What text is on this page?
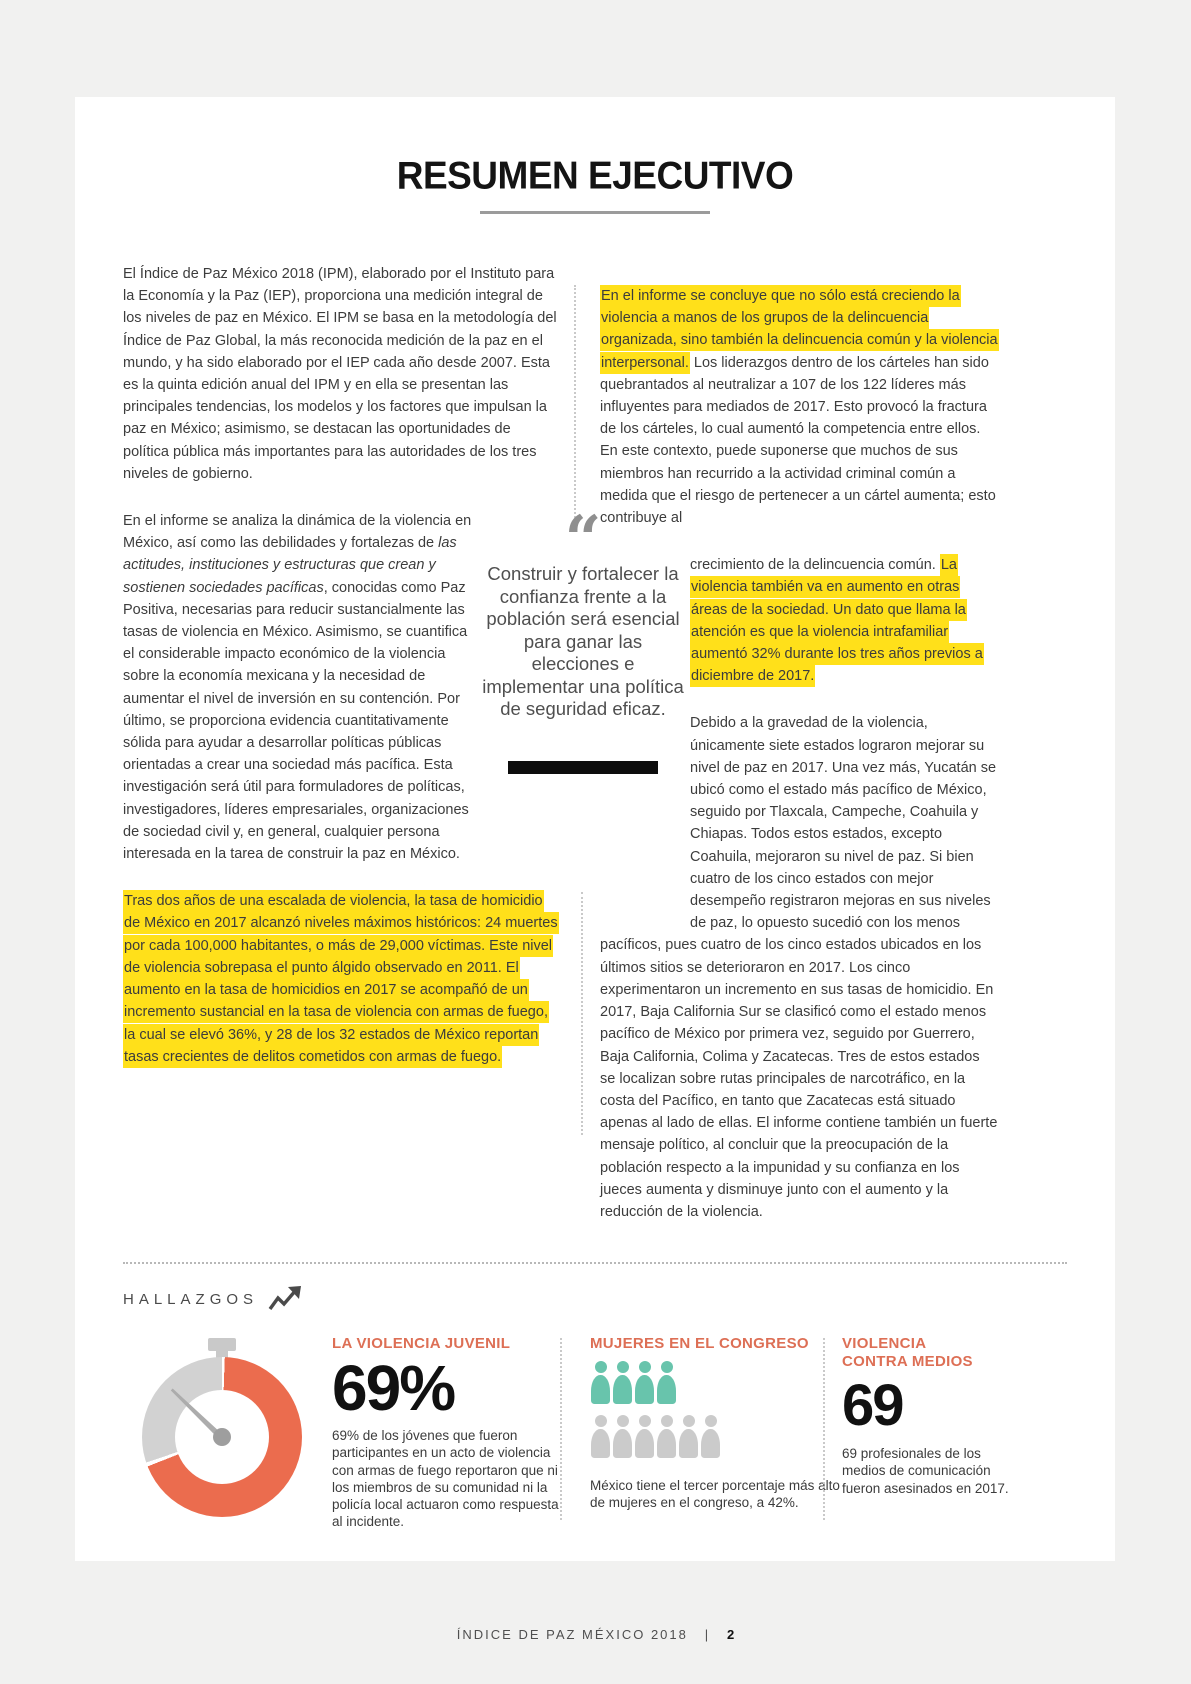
RESUMEN EJECUTIVO

El Índice de Paz México 2018 (IPM), elaborado por el Instituto para la Economía y la Paz (IEP), proporciona una medición integral de los niveles de paz en México. El IPM se basa en la metodología del Índice de Paz Global, la más reconocida medición de la paz en el mundo, y ha sido elaborado por el IEP cada año desde 2007. Esta es la quinta edición anual del IPM y en ella se presentan las principales tendencias, los modelos y los factores que impulsan la paz en México; asimismo, se destacan las oportunidades de política pública más importantes para las autoridades de los tres niveles de gobierno.

En el informe se analiza la dinámica de la violencia en México, así como las debilidades y fortalezas de las actitudes, instituciones y estructuras que crean y sostienen sociedades pacíficas, conocidas como Paz Positiva, necesarias para reducir sustancialmente las tasas de violencia en México. Asimismo, se cuantifica el considerable impacto económico de la violencia sobre la economía mexicana y la necesidad de aumentar el nivel de inversión en su contención. Por último, se proporciona evidencia cuantitativamente sólida para ayudar a desarrollar políticas públicas orientadas a crear una sociedad más pacífica. Esta investigación será útil para formuladores de políticas, investigadores, líderes empresariales, organizaciones de sociedad civil y, en general, cualquier persona interesada en la tarea de construir la paz en México.

Tras dos años de una escalada de violencia, la tasa de homicidio de México en 2017 alcanzó niveles máximos históricos: 24 muertes por cada 100,000 habitantes, o más de 29,000 víctimas. Este nivel de violencia sobrepasa el punto álgido observado en 2011. El aumento en la tasa de homicidios en 2017 se acompañó de un incremento sustancial en la tasa de violencia con armas de fuego, la cual se elevó 36%, y 28 de los 32 estados de México reportan tasas crecientes de delitos cometidos con armas de fuego.

En el informe se concluye que no sólo está creciendo la violencia a manos de los grupos de la delincuencia organizada, sino también la delincuencia común y la violencia interpersonal. Los liderazgos dentro de los cárteles han sido quebrantados al neutralizar a 107 de los 122 líderes más influyentes para mediados de 2017. Esto provocó la fractura de los cárteles, lo cual aumentó la competencia entre ellos. En este contexto, puede suponerse que muchos de sus miembros han recurrido a la actividad criminal común a medida que el riesgo de pertenecer a un cártel aumenta; esto contribuye al

crecimiento de la delincuencia común. La violencia también va en aumento en otras áreas de la sociedad. Un dato que llama la atención es que la violencia intrafamiliar aumentó 32% durante los tres años previos a diciembre de 2017.

Debido a la gravedad de la violencia, únicamente siete estados lograron mejorar su nivel de paz en 2017. Una vez más, Yucatán se ubicó como el estado más pacífico de México, seguido por Tlaxcala, Campeche, Coahuila y Chiapas. Todos estos estados, excepto Coahuila, mejoraron su nivel de paz. Si bien cuatro de los cinco estados con mejor desempeño registraron mejoras en sus niveles de paz, lo opuesto sucedió con los menos pacíficos, pues cuatro de los cinco estados ubicados en los últimos sitios se deterioraron en 2017. Los cinco experimentaron un incremento en sus tasas de homicidio. En 2017, Baja California Sur se clasificó como el estado menos pacífico de México por primera vez, seguido por Guerrero, Baja California, Colima y Zacatecas. Tres de estos estados se localizan sobre rutas principales de narcotráfico, en la costa del Pacífico, en tanto que Zacatecas está situado apenas al lado de ellas. El informe contiene también un fuerte mensaje político, al concluir que la preocupación de la población respecto a la impunidad y su confianza en los jueces aumenta y disminuye junto con el aumento y la reducción de la violencia.

“
Construir y fortalecer la confianza frente a la población será esencial para ganar las elecciones e implementar una política de seguridad eficaz.
HALLAZGOS
LA VIOLENCIA JUVENIL
69%
69% de los jóvenes que fueron participantes en un acto de violencia con armas de fuego reportaron que ni los miembros de su comunidad ni la policía local actuaron como respuesta al incidente.
MUJERES EN EL CONGRESO
México tiene el tercer porcentaje más alto de mujeres en el congreso, a 42%.
VIOLENCIA CONTRA MEDIOS
69
69 profesionales de los medios de comunicación fueron asesinados en 2017.
ÍNDICE DE PAZ MÉXICO 2018 | 2
